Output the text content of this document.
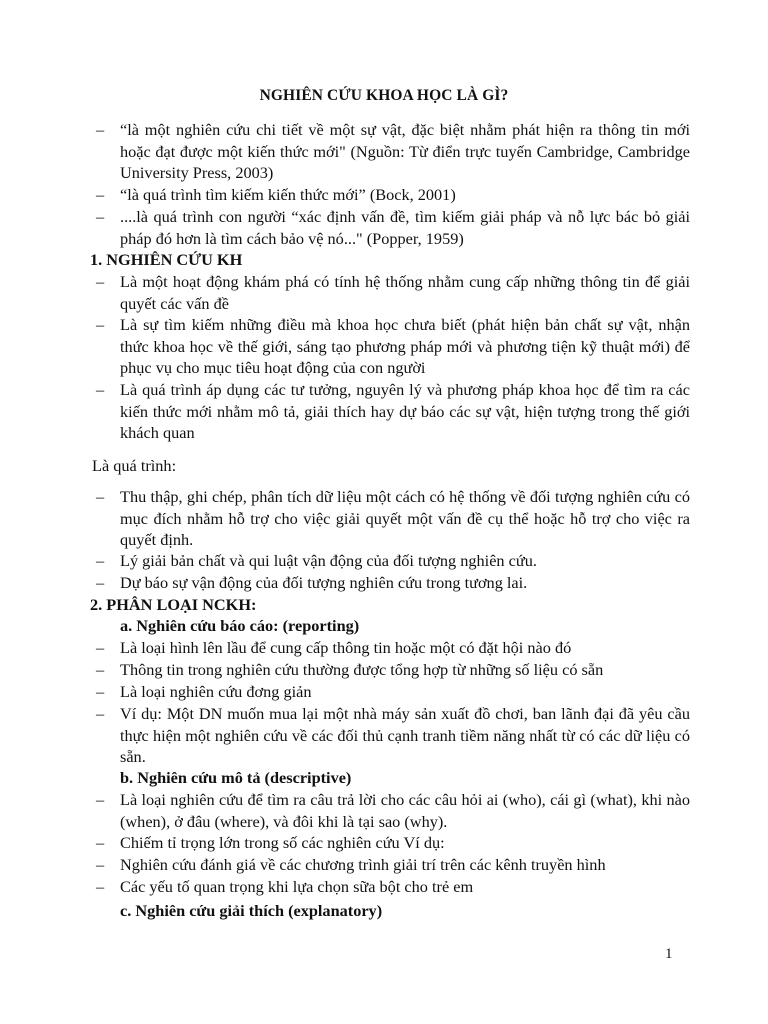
NGHIÊN CỨU KHOA HỌC LÀ GÌ?
– “là một nghiên cứu chi tiết về một sự vật, đặc biệt nhằm phát hiện ra thông tin mới hoặc đạt được một kiến thức mới" (Nguồn: Từ điển trực tuyến Cambridge, Cambridge University Press, 2003)
– “là quá trình tìm kiếm kiến thức mới” (Bock, 2001)
– ....là quá trình con người “xác định vấn đề, tìm kiếm giải pháp và nỗ lực bác bỏ giải pháp đó hơn là tìm cách bảo vệ nó..." (Popper, 1959)
1. NGHIÊN CỨU KH
– Là một hoạt động khám phá có tính hệ thống nhằm cung cấp những thông tin để giải quyết các vấn đề
– Là sự tìm kiếm những điều mà khoa học chưa biết (phát hiện bản chất sự vật, nhận thức khoa học về thế giới, sáng tạo phương pháp mới và phương tiện kỹ thuật mới) để phục vụ cho mục tiêu hoạt động của con người
– Là quá trình áp dụng các tư tưởng, nguyên lý và phương pháp khoa học để tìm ra các kiến thức mới nhằm mô tả, giải thích hay dự báo các sự vật, hiện tượng trong thế giới khách quan
Là quá trình:
– Thu thập, ghi chép, phân tích dữ liệu một cách có hệ thống về đối tượng nghiên cứu có mục đích nhằm hỗ trợ cho việc giải quyết một vấn đề cụ thể hoặc hỗ trợ cho việc ra quyết định.
– Lý giải bản chất và qui luật vận động của đối tượng nghiên cứu.
– Dự báo sự vận động của đối tượng nghiên cứu trong tương lai.
2. PHÂN LOẠI NCKH:
a. Nghiên cứu báo cáo: (reporting)
– Là loại hình lên lầu để cung cấp thông tin hoặc một có đặt hội nào đó
– Thông tin trong nghiên cứu thường được tổng hợp từ những số liệu có sẵn
– Là loại nghiên cứu đơng giản
– Ví dụ: Một DN muốn mua lại một nhà máy sản xuất đồ chơi, ban lãnh đại đã yêu cầu thực hiện một nghiên cứu về các đối thủ cạnh tranh tiềm năng nhất từ có các dữ liệu có sẵn.
b. Nghiên cứu mô tả (descriptive)
– Là loại nghiên cứu để tìm ra câu trả lời cho các câu hỏi ai (who), cái gì (what), khi nào (when), ở đâu (where), và đôi khi là tại sao (why).
– Chiếm tỉ trọng lớn trong số các nghiên cứu Ví dụ:
– Nghiên cứu đánh giá về các chương trình giải trí trên các kênh truyền hình
– Các yếu tố quan trọng khi lựa chọn sữa bột cho trẻ em
c. Nghiên cứu giải thích (explanatory)
1
